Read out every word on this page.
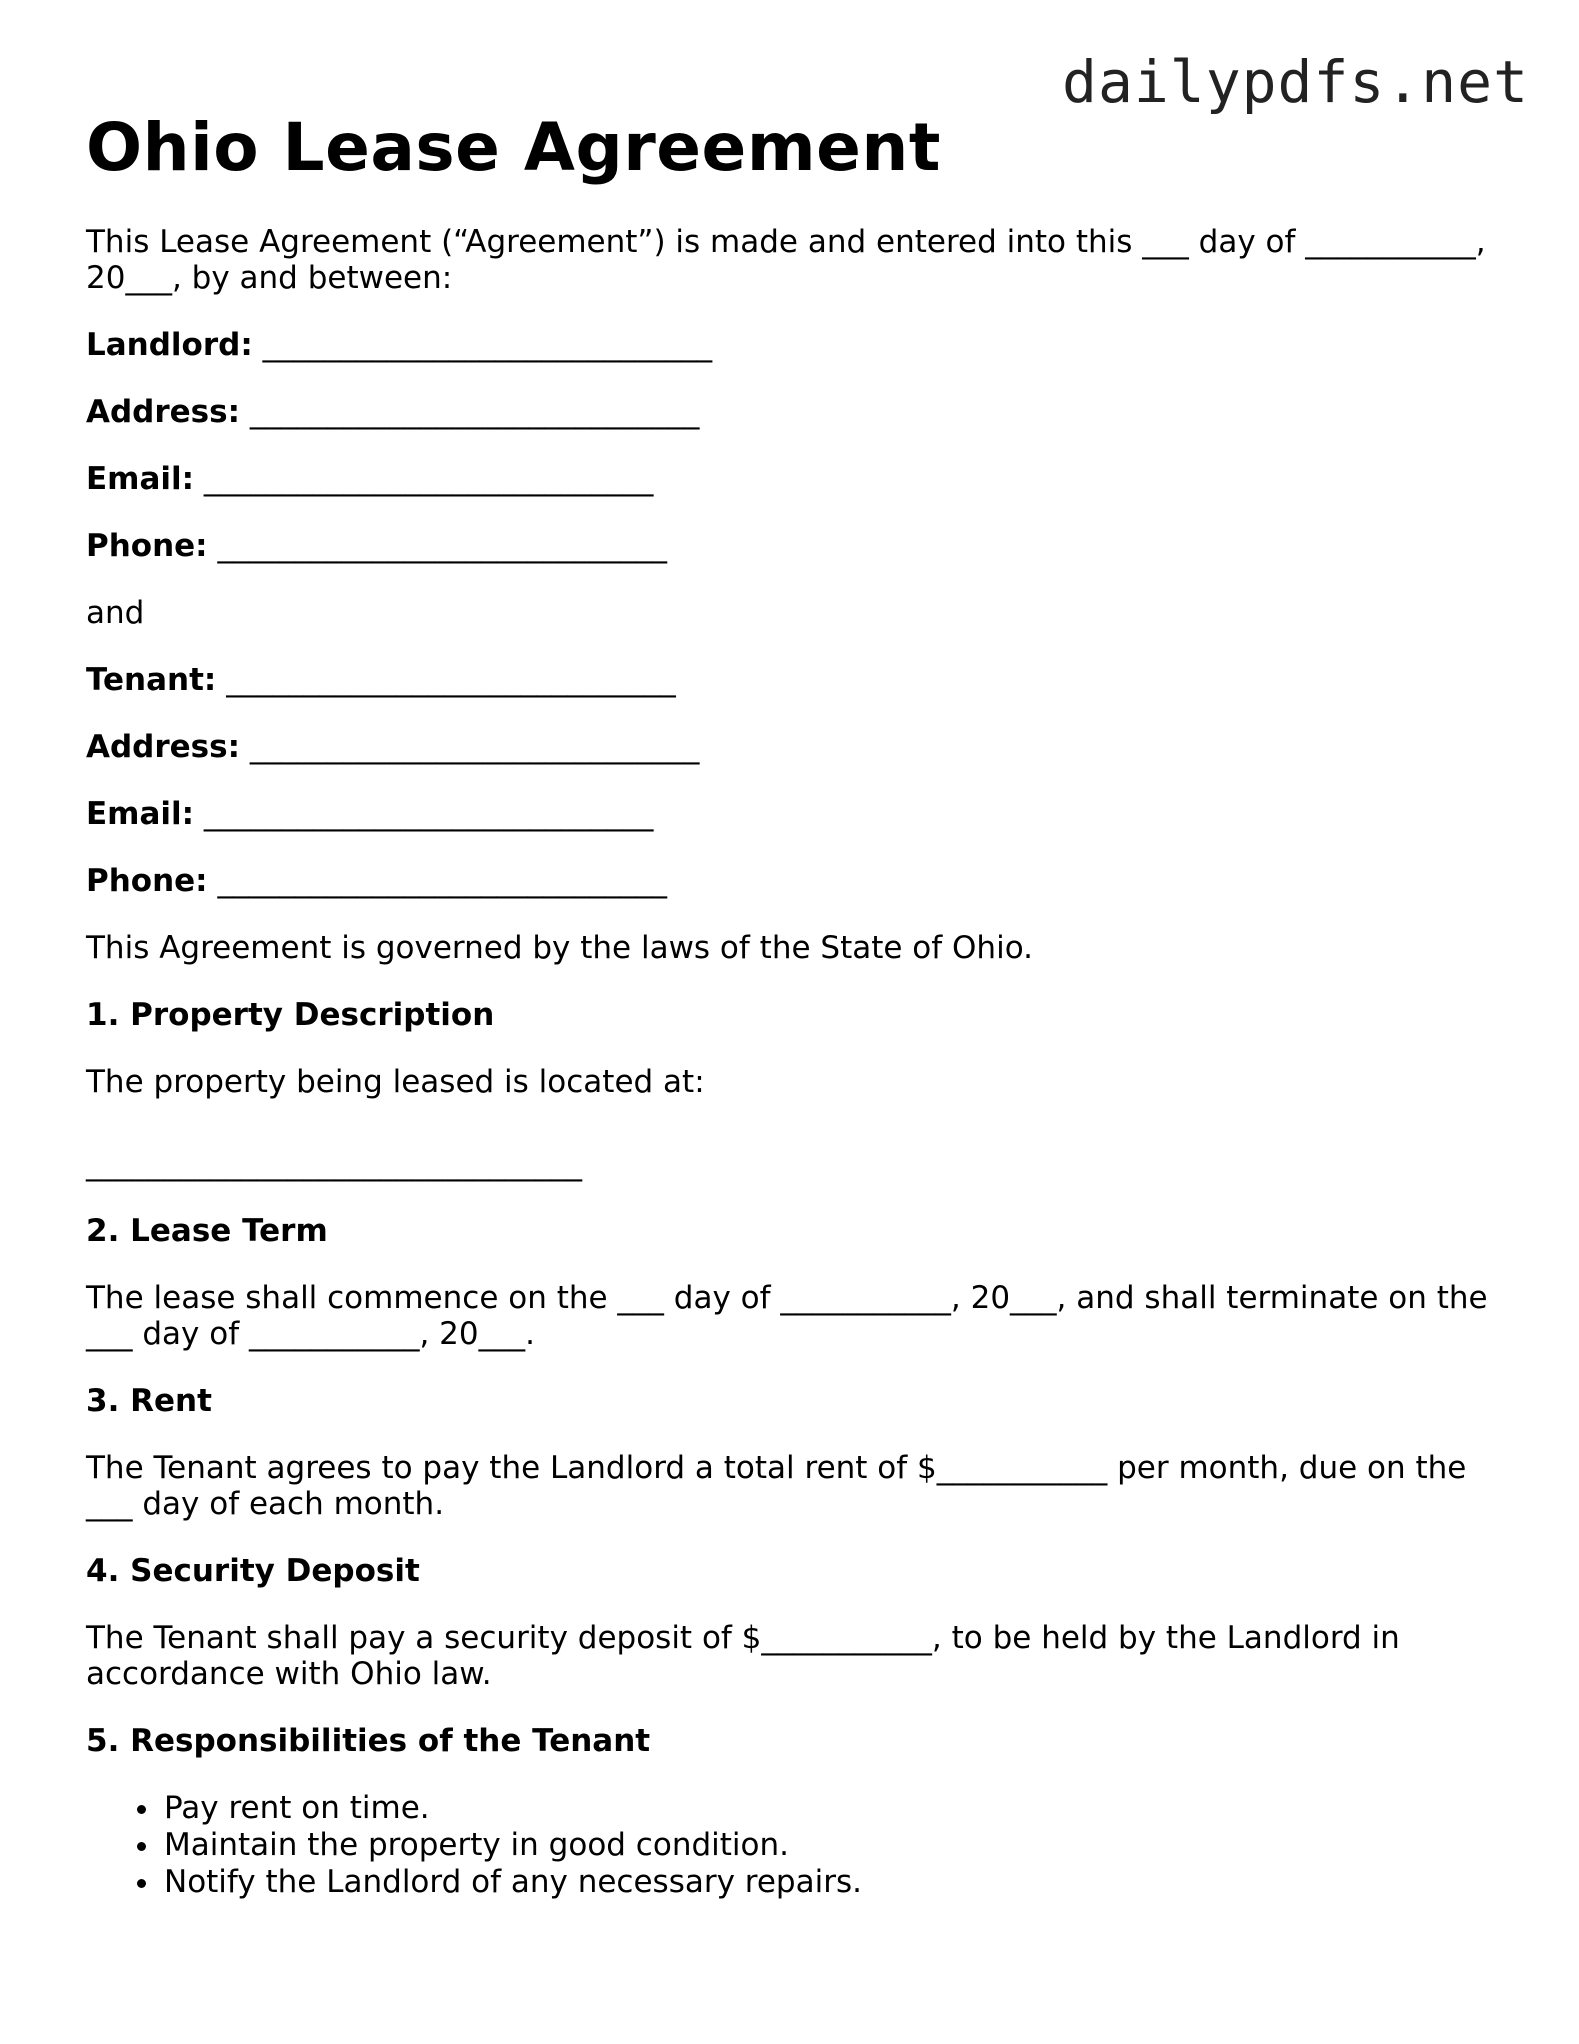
dailypdfs.net
Ohio Lease Agreement

This Lease Agreement (“Agreement”) is made and entered into this ___ day of ___________, 20___, by and between:

Landlord: _____________________________
Address: _____________________________
Email: _____________________________
Phone: _____________________________

and

Tenant: _____________________________
Address: _____________________________
Email: _____________________________
Phone: _____________________________

This Agreement is governed by the laws of the State of Ohio.

1. Property Description

The property being leased is located at:

________________________________
2. Lease Term

The lease shall commence on the ___ day of ___________, 20___, and shall terminate on the ___ day of ___________, 20___.

3. Rent

The Tenant agrees to pay the Landlord a total rent of $___________ per month, due on the ___ day of each month.

4. Security Deposit

The Tenant shall pay a security deposit of $___________, to be held by the Landlord in accordance with Ohio law.

5. Responsibilities of the Tenant
• Pay rent on time.
• Maintain the property in good condition.
• Notify the Landlord of any necessary repairs.
